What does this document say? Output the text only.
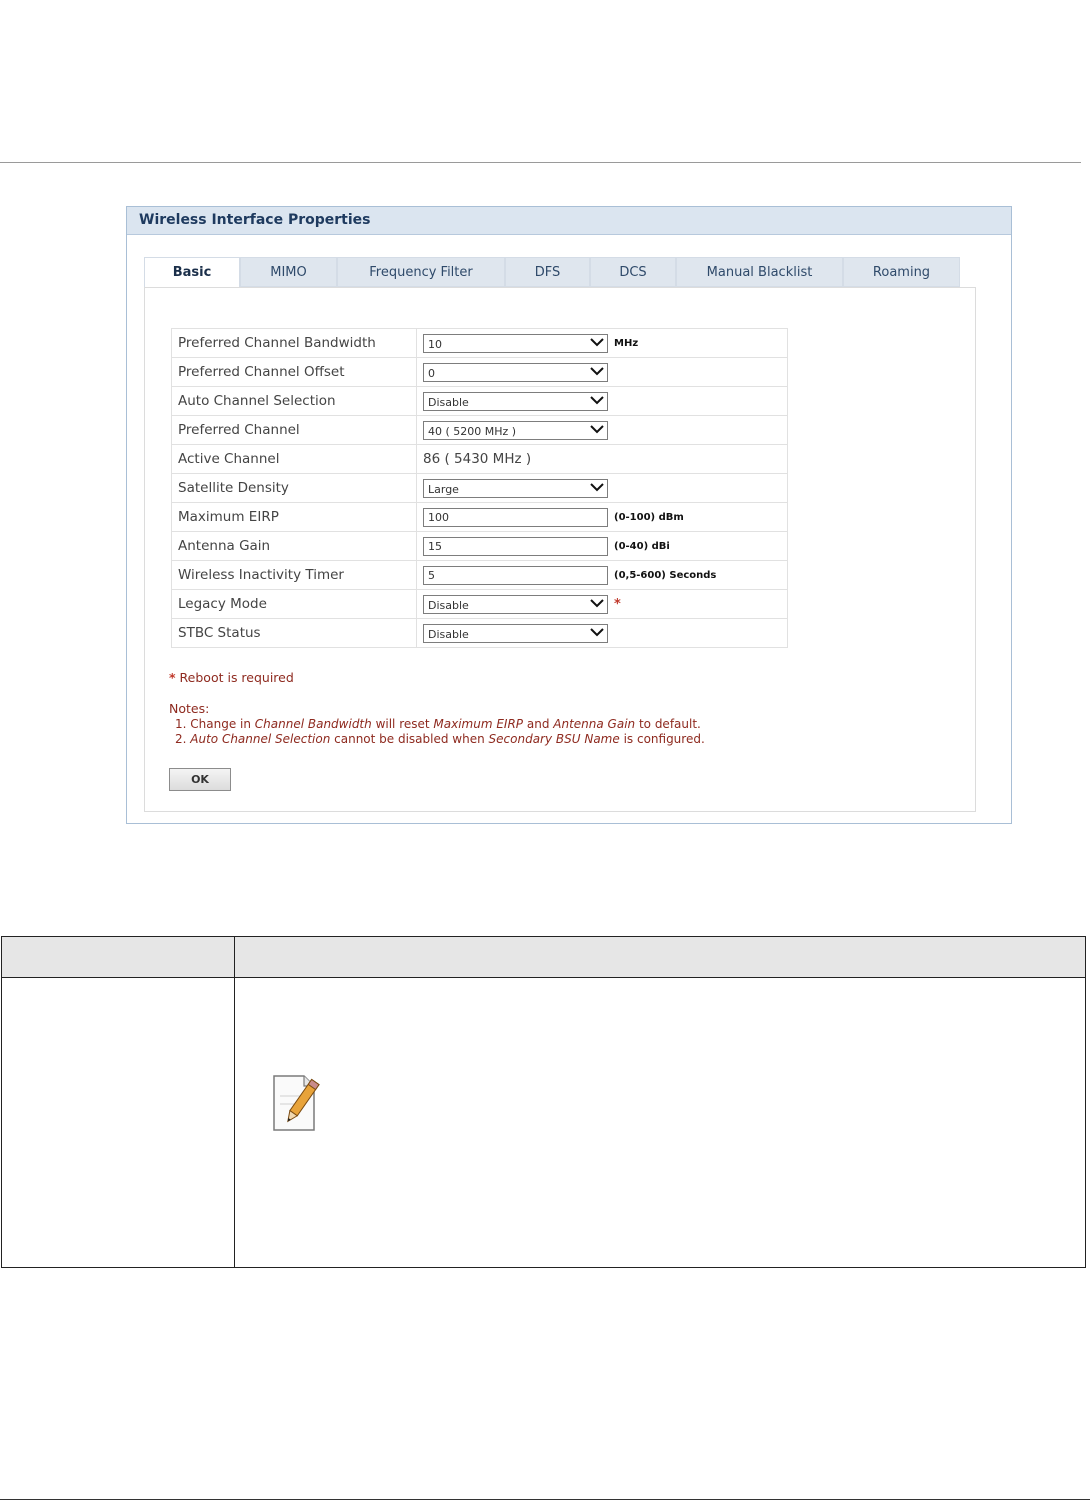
Wireless Interface Properties
Basic	MIMO	Frequency Filter	DFS	DCS	Manual Blacklist	Roaming
Preferred Channel Bandwidth	10 MHz

Preferred Channel Offset	0

Auto Channel Selection	Disable

Preferred Channel	40 ( 5200 MHz )

Active Channel	86 ( 5430 MHz )

Satellite Density	Large

Maximum EIRP	100 (0-100) dBm

Antenna Gain	15 (0-40) dBi

Wireless Inactivity Timer	5 (0,5-600) Seconds

Legacy Mode	Disable *

STBC Status	Disable
* Reboot is required
Notes:
1. Change in Channel Bandwidth will reset Maximum EIRP and Antenna Gain to default.
2. Auto Channel Selection cannot be disabled when Secondary BSU Name is configured.
OK
